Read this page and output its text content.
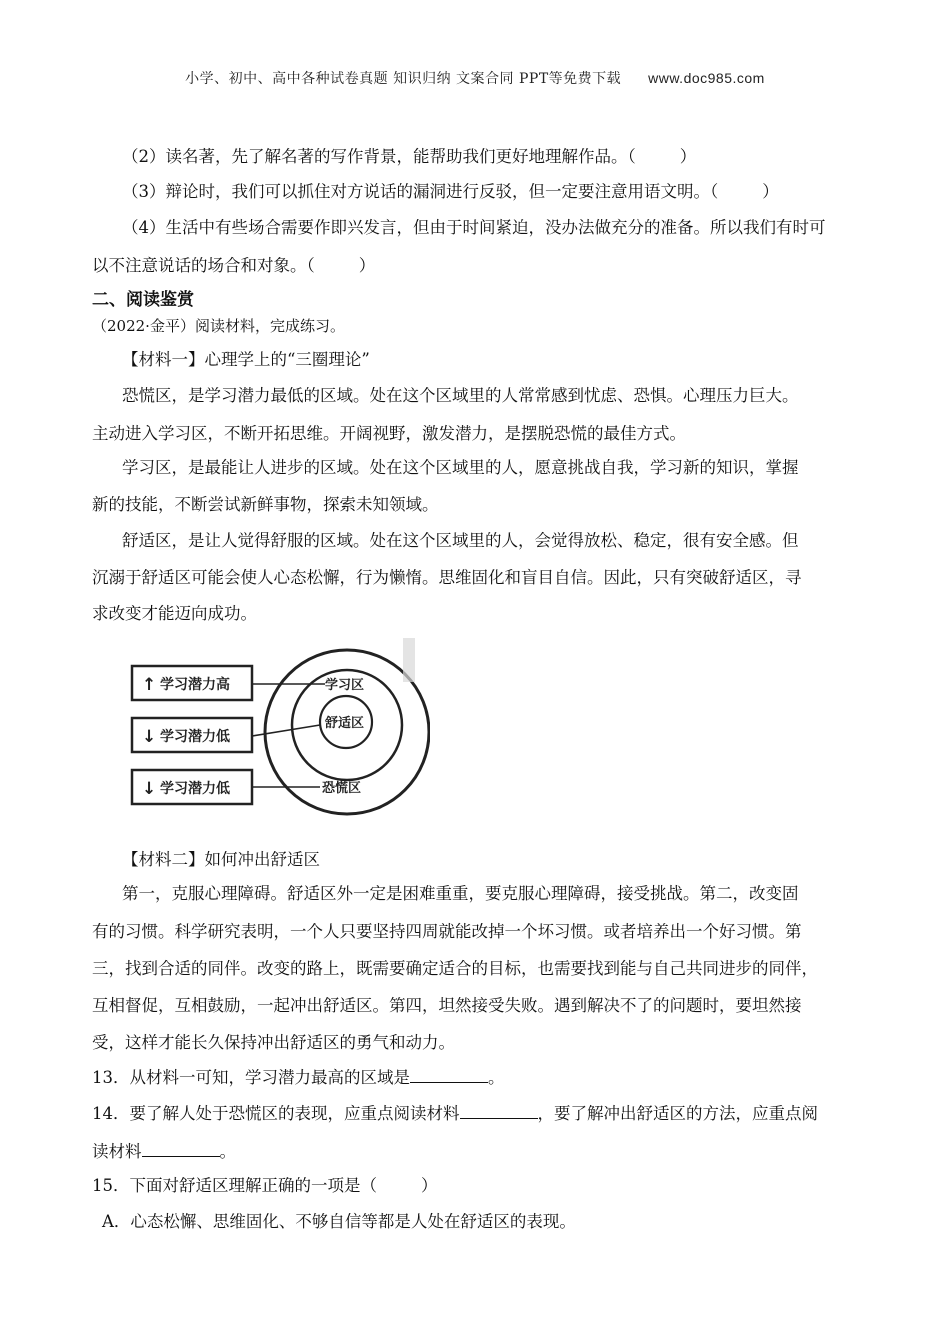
小学、初中、高中各种试卷真题 知识归纳 文案合同 PPT等免费下载 www.doc985.com
（2）读名著，先了解名著的写作背景，能帮助我们更好地理解作品。（	）
（3）辩论时，我们可以抓住对方说话的漏洞进行反驳，但一定要注意用语文明。（	）
（4）生活中有些场合需要作即兴发言，但由于时间紧迫，没办法做充分的准备。所以我们有时可
以不注意说话的场合和对象。（	）
二、阅读鉴赏
（2022·金平）阅读材料，完成练习。
【材料一】心理学上的“三圈理论”
恐慌区，是学习潜力最低的区域。处在这个区域里的人常常感到忧虑、恐惧。心理压力巨大。
主动进入学习区，不断开拓思维。开阔视野，激发潜力，是摆脱恐慌的最佳方式。
学习区，是最能让人进步的区域。处在这个区域里的人，愿意挑战自我，学习新的知识，掌握
新的技能，不断尝试新鲜事物，探索未知领域。
舒适区，是让人觉得舒服的区域。处在这个区域里的人，会觉得放松、稳定，很有安全感。但
沉溺于舒适区可能会使人心态松懈，行为懒惰。思维固化和盲目自信。因此，只有突破舒适区，寻
求改变才能迈向成功。
↑ 学习潜力高
↓ 学习潜力低
↓ 学习潜力低
学习区
舒适区
恐慌区
【材料二】如何冲出舒适区
第一，克服心理障碍。舒适区外一定是困难重重，要克服心理障碍，接受挑战。第二，改变固
有的习惯。科学研究表明，一个人只要坚持四周就能改掉一个坏习惯。或者培养出一个好习惯。第
三，找到合适的同伴。改变的路上，既需要确定适合的目标，也需要找到能与自己共同进步的同伴，
互相督促，互相鼓励，一起冲出舒适区。第四，坦然接受失败。遇到解决不了的问题时，要坦然接
受，这样才能长久保持冲出舒适区的勇气和动力。
13．从材料一可知，学习潜力最高的区域是	。
14．要了解人处于恐慌区的表现，应重点阅读材料	，要了解冲出舒适区的方法，应重点阅
读材料	。
15．下面对舒适区理解正确的一项是（	）
A．心态松懈、思维固化、不够自信等都是人处在舒适区的表现。
